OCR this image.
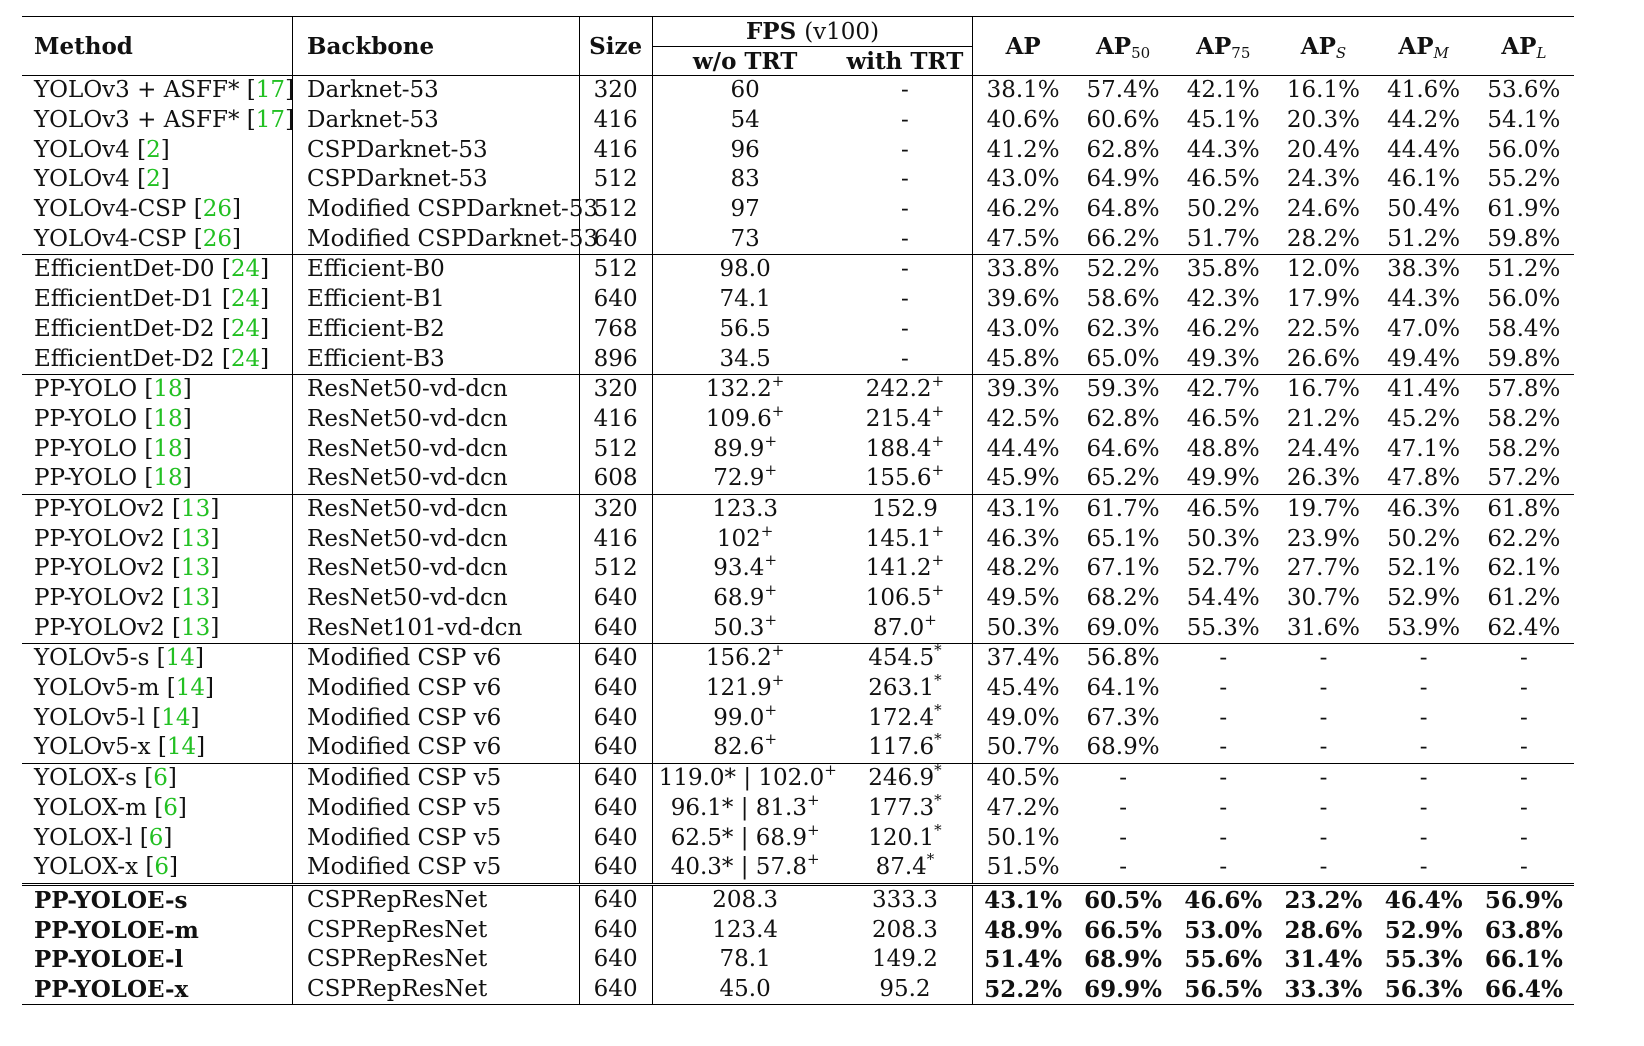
Method	Backbone	Size	FPS (v100)		AP	$AP_{50}$	$AP_{75}$	$AP_S$	$AP_M$	$AP_L$
			w/o TRT	with TRT						
YOLOv3 + ASFF* [17]	Darknet-53	320	60	-	38.1%	57.4%	42.1%	16.1%	41.6%	53.6%
YOLOv3 + ASFF* [17]	Darknet-53	416	54	-	40.6%	60.6%	45.1%	20.3%	44.2%	54.1%
YOLOv4 [2]	CSPDarknet-53	416	96	-	41.2%	62.8%	44.3%	20.4%	44.4%	56.0%
YOLOv4 [2]	CSPDarknet-53	512	83	-	43.0%	64.9%	46.5%	24.3%	46.1%	55.2%
YOLOv4-CSP [26]	Modified CSPDarknet-53	512	97	-	46.2%	64.8%	50.2%	24.6%	50.4%	61.9%
YOLOv4-CSP [26]	Modified CSPDarknet-53	640	73	-	47.5%	66.2%	51.7%	28.2%	51.2%	59.8%
EfficientDet-D0 [24]	Efficient-B0	512	98.0	-	33.8%	52.2%	35.8%	12.0%	38.3%	51.2%
EfficientDet-D1 [24]	Efficient-B1	640	74.1	-	39.6%	58.6%	42.3%	17.9%	44.3%	56.0%
EfficientDet-D2 [24]	Efficient-B2	768	56.5	-	43.0%	62.3%	46.2%	22.5%	47.0%	58.4%
EfficientDet-D2 [24]	Efficient-B3	896	34.5	-	45.8%	65.0%	49.3%	26.6%	49.4%	59.8%
PP-YOLO [18]	ResNet50-vd-dcn	320	132.2+	242.2+	39.3%	59.3%	42.7%	16.7%	41.4%	57.8%
PP-YOLO [18]	ResNet50-vd-dcn	416	109.6+	215.4+	42.5%	62.8%	46.5%	21.2%	45.2%	58.2%
PP-YOLO [18]	ResNet50-vd-dcn	512	89.9+	188.4+	44.4%	64.6%	48.8%	24.4%	47.1%	58.2%
PP-YOLO [18]	ResNet50-vd-dcn	608	72.9+	155.6+	45.9%	65.2%	49.9%	26.3%	47.8%	57.2%
PP-YOLOv2 [13]	ResNet50-vd-dcn	320	123.3	152.9	43.1%	61.7%	46.5%	19.7%	46.3%	61.8%
PP-YOLOv2 [13]	ResNet50-vd-dcn	416	102+	145.1+	46.3%	65.1%	50.3%	23.9%	50.2%	62.2%
PP-YOLOv2 [13]	ResNet50-vd-dcn	512	93.4+	141.2+	48.2%	67.1%	52.7%	27.7%	52.1%	62.1%
PP-YOLOv2 [13]	ResNet50-vd-dcn	640	68.9+	106.5+	49.5%	68.2%	54.4%	30.7%	52.9%	61.2%
PP-YOLOv2 [13]	ResNet101-vd-dcn	640	50.3+	87.0+	50.3%	69.0%	55.3%	31.6%	53.9%	62.4%
YOLOv5-s [14]	Modified CSP v6	640	156.2+	454.5*	37.4%	56.8%	-	-	-	-
YOLOv5-m [14]	Modified CSP v6	640	121.9+	263.1*	45.4%	64.1%	-	-	-	-
YOLOv5-l [14]	Modified CSP v6	640	99.0+	172.4*	49.0%	67.3%	-	-	-	-
YOLOv5-x [14]	Modified CSP v6	640	82.6+	117.6*	50.7%	68.9%	-	-	-	-
YOLOX-s [6]	Modified CSP v5	640	119.0* | 102.0+	246.9*	40.5%	-	-	-	-	-
YOLOX-m [6]	Modified CSP v5	640	96.1* | 81.3+	177.3*	47.2%	-	-	-	-	-
YOLOX-l [6]	Modified CSP v5	640	62.5* | 68.9+	120.1*	50.1%	-	-	-	-	-
YOLOX-x [6]	Modified CSP v5	640	40.3* | 57.8+	87.4*	51.5%	-	-	-	-	-
PP-YOLOE-s	CSPRepResNet	640	208.3	333.3	43.1%	60.5%	46.6%	23.2%	46.4%	56.9%
PP-YOLOE-m	CSPRepResNet	640	123.4	208.3	48.9%	66.5%	53.0%	28.6%	52.9%	63.8%
PP-YOLOE-l	CSPRepResNet	640	78.1	149.2	51.4%	68.9%	55.6%	31.4%	55.3%	66.1%
PP-YOLOE-x	CSPRepResNet	640	45.0	95.2	52.2%	69.9%	56.5%	33.3%	56.3%	66.4%
